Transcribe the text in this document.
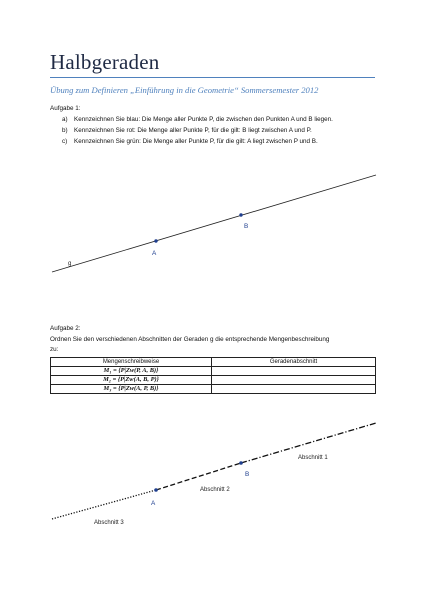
Halbgeraden
Übung zum Definieren „Einführung in die Geometrie“ Sommersemester 2012
Aufgabe 1:
a) Kennzeichnen Sie blau: Die Menge aller Punkte P, die zwischen den Punkten A und B liegen.
b) Kennzeichnen Sie rot: Die Menge aller Punkte P, für die gilt: B liegt zwischen A und P.
c) Kennzeichnen Sie grün: Die Menge aller Punkte P, für die gilt: A liegt zwischen P und B.
A
B
g
Aufgabe 2:
Ordnen Sie den verschiedenen Abschnitten der Geraden g die entsprechende Mengenbeschreibung
zu:
Mengenschreibweise	Geradenabschnitt
M₁ = {P|Zw(P, A, B)}	
M₂ = {P|Zw(A, B, P)}	
M₃ = {P|Zw(A, P, B)}	
A
B
Abschnitt 1
Abschnitt 2
Abschnitt 3
